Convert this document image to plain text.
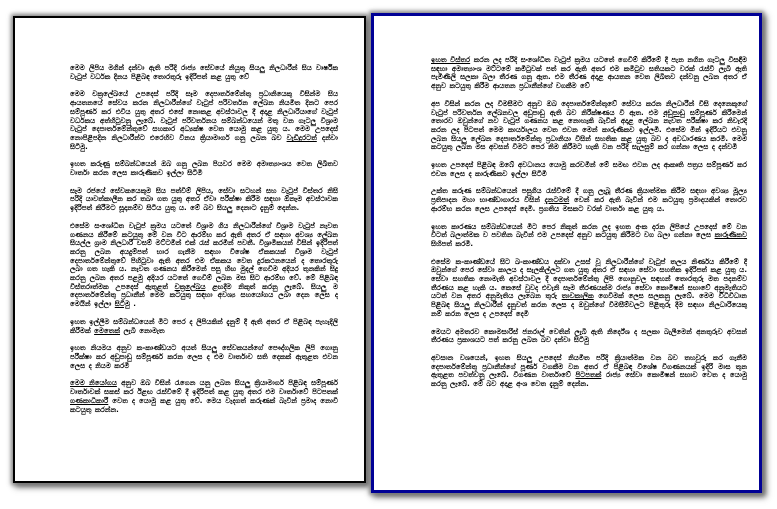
මෙම ලිපිය මගින් දන්වා ඇති පරිදි රාජ්‍ය සේවයේ නියුතු සියලු නිලධාරීන් සිය වාර්ෂික වැටුප් වර්ධක දිනය පිළිබඳ තොරතුරු ඉදිරිපත් කළ යුතු වේ

මෙම චක්‍රලේඛයේ උපදෙස් පරිදි සෑම දෙපාර්තමේන්තු ප්‍රධානියෙකු විසින්ම සිය ආයතනයේ සේවය කරන නිලධාරීන්ගේ වැටුප් පරිවර්තන ලේඛන නියමිත දිනට පෙර සම්පූර්ණ කර එවිය යුතු අතර එසේ නොකළ අවස්ථාවල දී අදාළ නිලධාරියාගේ වැටුප් වර්ධකය අත්හිටුවනු ලැබේ. වැටුප් පරිවර්තනය සම්බන්ධයෙන් මතු වන ගැටලු විශ්‍රාම වැටුප් දෙපාර්තමේන්තුවේ සහකාර අධ්‍යක්ෂ වෙත යොමු කළ යුතු ය. මෙම උපදෙස් නොපිළිපදින නිලධාරීන්ට එරෙහිව විනය ක්‍රියාමාර්ග ගනු ලබන බව වැඩිදුරටත් දන්වා සිටිමු.

ඉහත කරුණු සම්බන්ධයෙන් ඔබ ගනු ලබන පියවර මෙම අමාත්‍යාංශය වෙත ලිඛිතව වාර්තා කරන ලෙස කාරුණිකව ඉල්ලා සිටිමි

සෑම රජයේ සේවකයෙකුම සිය පත්වීම් ලිපිය, සේවා සටහන් සහ වැටුප් විස්තර නිසි පරිදි යාවත්කාලීන කර තබා ගත යුතු අතර ඒවා පරීක්ෂා කිරීම සඳහා ඕනෑම අවස්ථාවක ඉදිරිපත් කිරීමට සූදානම්ව සිටිය යුතු ය. මේ බව සියලු දෙනාට දැනුම් දෙන්න.

එසේම සංශෝධිත වැටුප් ක්‍රමය යටතේ විශ්‍රාම ගිය නිලධාරීන්ගේ විශ්‍රාම වැටුප් නැවත ගණනය කිරීමේ කටයුතු මේ වන විට ආරම්භ කර ඇති අතර ඒ සඳහා අවශ්‍ය ලේඛන සියල්ල ග්‍රාම නිලධාරී වසම් මට්ටමින් එක් රැස් කරමින් පවතී. විශ්‍රාමිකයන් විසින් ඉදිරිපත් කරනු ලබන අයදුම්පත් භාර ගැනීම සඳහා විශේෂ ඒකකයක් විශ්‍රාම වැටුප් දෙපාර්තමේන්තුවේ පිහිටුවා ඇති අතර එම ඒකකය වෙත දුරකථනයෙන් ද තොරතුරු ලබා ගත හැකි ය. නැවත ගණනය කිරීමෙන් පසු හිඟ මුදල් ගෙවීම අදියර තුනකින් සිදු කරනු ලබන අතර පළමු අදියර යටතේ ගෙවීම් ලබන මස සිට ආරම්භ වේ. මේ පිළිබඳ විස්තරාත්මක උපදෙස් ඇතුළත් චක්‍රලේඛය ළඟදීම නිකුත් කරනු ලැබේ. සියලු ම දෙපාර්තමේන්තු ප්‍රධානීන් මෙම කටයුතු සඳහා අවශ්‍ය සහයෝගය ලබා දෙන ලෙස ද මෙයින් ඉල්ලා සිටිමු .

ඉහත ඉල්ලීම සම්බන්ධයෙන් මීට පෙර ද ලිපියකින් දැනුම් දී ඇති අතර ඒ පිළිබඳ පැහැදිලි කිරීමක් මෙතෙක් ලැබී නොමැත

ඉහත නියමය අනුව ක-කාණ්ඩයට අයත් සියලු සේවකයන්ගේ පෞද්ගලික ලිපි ගොනු පරීක්ෂා කර අඩුපාඩු සම්පූර්ණ කරන ලෙස ද එම වාර්තාව සති දෙකක් ඇතුළත එවන ලෙස ද නියම කරමි

මෙම නියෝගය අනුව ඔබ විසින් රැගෙන යනු ලබන සියලු ක්‍රියාමාර්ග පිළිබඳ සම්පූර්ණ වාර්තාවක් සකස් කර ඊළඟ රැස්වීමේ දී ඉදිරිපත් කළ යුතු අතර එම වාර්තාවේ පිටපතක් ගණකාධිකාරී වෙත ද යොමු කළ යුතු වේ. මෙය වැදගත් කරුණක් බැවින් ප්‍රමාද නොවී කටයුතු කරන්න.

ඉහත විස්තර කරන ලද පරිදි සංශෝධිත වැටුප් ක්‍රමය යටතේ ගෙවීම් කිරීමේ දී පැන නගින ගැටලු විසඳීම සඳහා අමාත්‍යාංශ මට්ටමේ කමිටුවක් පත් කර ඇති අතර එම කමිටුව සතියකට වරක් රැස්වී ලැබී ඇති පැමිණිලි සලකා බලා තීරණ ගනු ඇත. එම තීරණ අදාළ ආයතන වෙත ලිඛිතව දන්වනු ලබන අතර ඒ අනුව කටයුතු කිරීම ආයතන ප්‍රධානීන්ගේ වගකීම වේ

අප විසින් කරන ලද විමසීමට අනුව ඔබ දෙපාර්තමේන්තුවේ සේවය කරන නිලධාරීන් විසි දෙනෙකුගේ වැටුප් පරිවර්තන ලේඛනවල අඩුපාඩු ඇති බව නිරීක්ෂණය වී ඇත. එම අඩුපාඩු සම්පූර්ණ කිරීමෙන් තොරව ඔවුන්ගේ නව වැටුප් ගණනය කළ නොහැකි බැවින් අදාළ ලේඛන නැවත පරීක්ෂා කර නිවැරදි කරන ලද පිටපත් මෙම කාර්යාලය වෙත එවන මෙන් කාරුණිකව ඉල්ලමි. එසේම මින් ඉදිරියට එවනු ලබන සියලු ලේඛන දෙපාර්තමේන්තු ප්‍රධානියා විසින් සහතික කළ යුතු බව ද අවධාරණය කරමි. මෙම කටයුතු ලබන මස අවසන් වීමට පෙර නිම කිරීමට හැකි වන පරිදි සැලසුම් කර ගන්නා ලෙස ද දන්වමි

ඉහත උපදෙස් පිළිබඳ ඔබේ අවධානය යොමු කරවමින් මේ සමඟ එවන ලද ආකෘති පත්‍රය සම්පූර්ණ කර එවන ලෙස ද කාරුණිකව ඉල්ලා සිටිමි

උක්ත කරුණ සම්බන්ධයෙන් පසුගිය රැස්වීමේ දී ගනු ලැබූ තීරණ ක්‍රියාත්මක කිරීම සඳහා අවශ්‍ය මූල්‍ය ප්‍රතිපාදන මහා භාණ්ඩාගාරය විසින් දැනටමත් වෙන් කර ඇති බැවින් එම කටයුතු ප්‍රමාදයකින් තොරව ආරම්භ කරන ලෙස උපදෙස් දෙමි. ප්‍රගතිය මසකට වරක් වාර්තා කළ යුතු ය.

ඉහත කාරණය සම්බන්ධයෙන් මීට පෙර නිකුත් කරන ලද ඉහත අංක දරන ලිපියේ උපදෙස් මේ වන විටත් බලාත්මක ව පවතින බැවින් එම උපදෙස් අනුව කටයුතු කිරීමට වග බලා ගන්නා ලෙස කාරුණිකව සිහිපත් කරමි.

එසේම ක-කාණ්ඩයේ සිට ඛ-කාණ්ඩය දක්වා උසස් වූ නිලධාරීන්ගේ වැටුප් තලය නිර්ණය කිරීමේ දී ඔවුන්ගේ පෙර සේවා කාලය ද සැලකිල්ලට ගත යුතු අතර ඒ සඳහා සේවා සහතික ඉදිරිපත් කළ යුතු ය. සේවා සහතික නොමැති අවස්ථාවල දී දෙපාර්තමේන්තු ලිපි ගොනුවල සඳහන් තොරතුරු මත පදනම්ව තීරණය කළ හැකි ය. කෙසේ වුවද එවැනි සෑම තීරණයක්ම රාජ්‍ය සේවා කොමිෂන් සභාවේ අනුමැතියට යටත් වන අතර අනුමැතිය ලැබෙන තුරු තාවකාලික ගෙවීමක් ලෙස සලකනු ලැබේ. මෙම විධිවිධාන පිළිබඳ සියලු නිලධාරීන් දැනුවත් කරන ලෙස ද ඔවුන්ගේ විමසීම්වලට පිළිතුරු දීම සඳහා නිලධාරියෙකු නම් කරන ලෙස ද උපදෙස් දෙමි

මෙයට අමතරව කොමසාරිස් ජනරාල් වෙතින් ලැබී ඇති නිර්දේශ ද සලකා බැලීමෙන් අනතුරුව අවසන් තීරණය ප්‍රකාශයට පත් කරනු ලබන බව දන්වා සිටිමු

අවසාන වශයෙන්, ඉහත සියලු උපදෙස් නියමිත පරිදි ක්‍රියාත්මක වන බව තහවුරු කර ගැනීම දෙපාර්තමේන්තු ප්‍රධානීන්ගේ පූර්ණ වගකීම වන අතර ඒ පිළිබඳ විශේෂ විගණනයක් ඉදිරි මාස තුන ඇතුළත පවත්වනු ලැබේ. විගණන වාර්තාවේ පිටපතක් රාජ්‍ය සේවා කොමිෂන් සභාව වෙත ද යොමු කරනු ලැබේ. මේ බව අදාළ අංශ වෙත දැනුම් දෙන්න.
